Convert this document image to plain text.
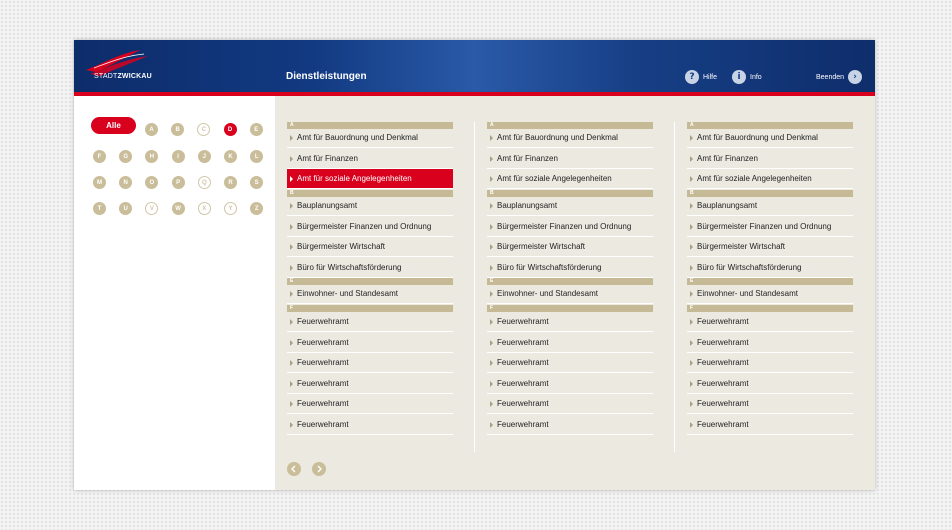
STADTZWICKAU	Dienstleistungen	?	Hilfe	i	Info	Beenden	›
Alle	A	B	C	D	E
F	G	H	I	J	K	L
M	N	O	P	Q	R	S
T	U	V	W	X	Y	Z
A
Amt für Bauordnung und Denkmal
Amt für Finanzen
Amt für soziale Angelegenheiten
B
Bauplanungsamt
Bürgermeister Finanzen und Ordnung
Bürgermeister Wirtschaft
Büro für Wirtschaftsförderung
E
Einwohner- und Standesamt
F
Feuerwehramt
Feuerwehramt
Feuerwehramt
Feuerwehramt
Feuerwehramt
Feuerwehramt
A
Amt für Bauordnung und Denkmal
Amt für Finanzen
Amt für soziale Angelegenheiten
B
Bauplanungsamt
Bürgermeister Finanzen und Ordnung
Bürgermeister Wirtschaft
Büro für Wirtschaftsförderung
E
Einwohner- und Standesamt
F
Feuerwehramt
Feuerwehramt
Feuerwehramt
Feuerwehramt
Feuerwehramt
Feuerwehramt
A
Amt für Bauordnung und Denkmal
Amt für Finanzen
Amt für soziale Angelegenheiten
B
Bauplanungsamt
Bürgermeister Finanzen und Ordnung
Bürgermeister Wirtschaft
Büro für Wirtschaftsförderung
E
Einwohner- und Standesamt
F
Feuerwehramt
Feuerwehramt
Feuerwehramt
Feuerwehramt
Feuerwehramt
Feuerwehramt
